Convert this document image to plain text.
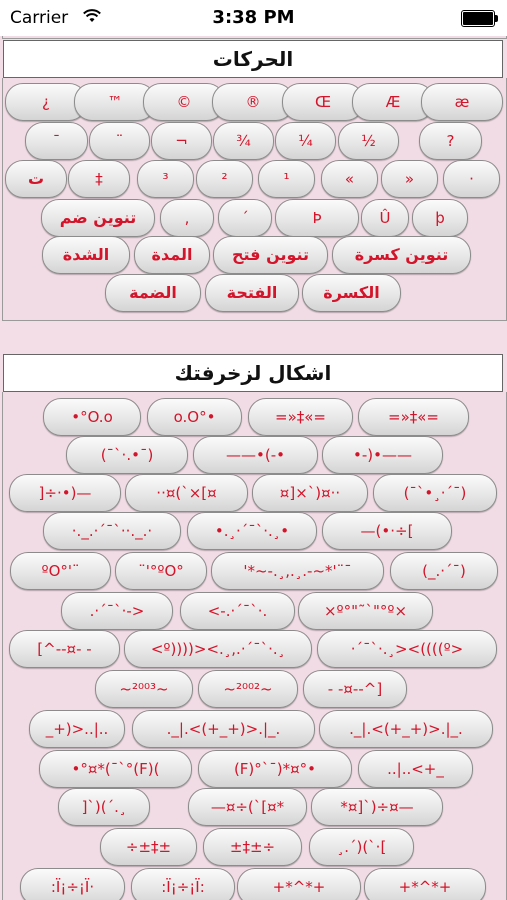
Carrier	3:38 PM
الحركات
اشكال لزخرفتك
¿	™	©	®	Œ	Æ	æ
¯	¨	¬	¾	¼	½	?
ت	‡	³	²	¹	«	»	·
تنوين ضم	,	´	Þ	Û	þ
الشدة	المدة	تنوين فتح	تنوين كسرة
الضمة	الفتحة	الكسرة
•°O.o	o.O°•	=»‡«=	=»‡«=
(¯`·.•¯)	——•(-•	•-)•——
]÷·•)—	··¤(`×[¤	¤]×`)¤··	(¯`•¸·´¯)
·._.·´¯`··._.·	•.¸·´¯`·.¸•	—(•·÷[
ºO°'¨	¨'°ºO°	'*~-.¸,.¸.-~*'¨¯	(_.·´¯)
.·´¯`·->	<-.·´¯`·.	×º°"˜`"°º×
[^--¤- -	<º))))><.¸,.·´¯`·.¸	·´¯`·.¸><((((º>
~²⁰⁰³~	~²⁰⁰²~	- -¤--^]
_+)>..|..	._|.<(+_+)>.|_.	._|.<(+_+)>.|_.
•°¤*(¯`°(F)(	(F)°`¯)*¤°•	..|..<+_
]`)(´.¸	—¤÷(`[¤*	*¤]`)÷¤—
÷±‡±	±‡±÷	¸.´)(`·[
:Ï¡÷¡Ï·	:Ï¡÷¡Ï:	+*^*+	+*^*+
